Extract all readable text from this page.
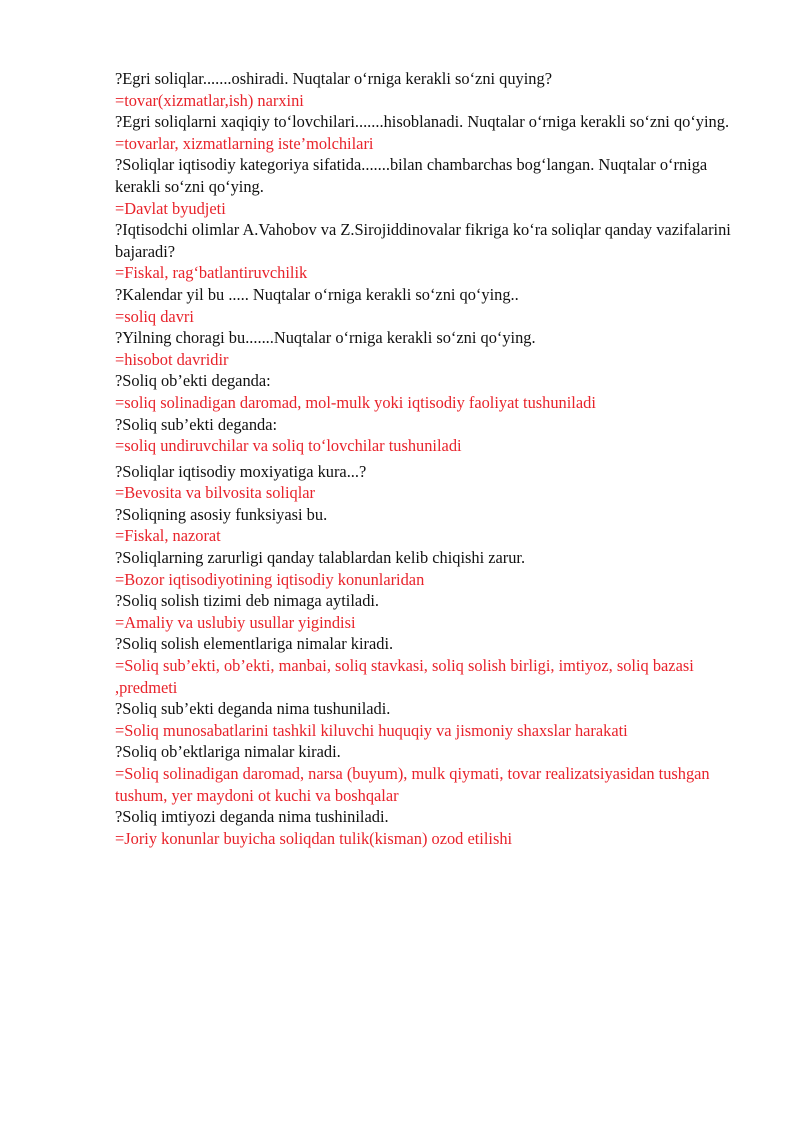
?Egri soliqlar.......oshiradi. Nuqtalar o‘rniga kerakli so‘zni quying?

=tovar(xizmatlar,ish) narxini

?Egri soliqlarni xaqiqiy to‘lovchilari.......hisoblanadi. Nuqtalar o‘rniga kerakli so‘zni qo‘ying.

=tovarlar, xizmatlarning iste’molchilari

?Soliqlar iqtisodiy kategoriya sifatida.......bilan chambarchas bog‘langan. Nuqtalar o‘rniga kerakli so‘zni qo‘ying.

=Davlat byudjeti

?Iqtisodchi olimlar A.Vahobov va Z.Sirojiddinovalar fikriga ko‘ra soliqlar qanday vazifalarini bajaradi?

=Fiskal, rag‘batlantiruvchilik

?Kalendar yil bu ..... Nuqtalar o‘rniga kerakli so‘zni qo‘ying..

=soliq davri

?Yilning choragi bu.......Nuqtalar o‘rniga kerakli so‘zni qo‘ying.

=hisobot davridir

?Soliq ob’ekti deganda:

=soliq solinadigan daromad, mol-mulk yoki iqtisodiy faoliyat tushuniladi

?Soliq sub’ekti deganda:

=soliq undiruvchilar va soliq to‘lovchilar tushuniladi

?Soliqlar iqtisodiy moxiyatiga kura...?

=Bevosita va bilvosita soliqlar

?Soliqning asosiy funksiyasi bu.

=Fiskal, nazorat

?Soliqlarning zarurligi qanday talablardan kelib chiqishi zarur.

=Bozor iqtisodiyotining iqtisodiy konunlaridan

?Soliq solish tizimi deb nimaga aytiladi.

=Amaliy va uslubiy usullar yigindisi

?Soliq solish elementlariga nimalar kiradi.

=Soliq sub’ekti, ob’ekti, manbai, soliq stavkasi, soliq solish birligi, imtiyoz, soliq bazasi ,predmeti

?Soliq sub’ekti deganda nima tushuniladi.

=Soliq munosabatlarini tashkil kiluvchi huquqiy va jismoniy shaxslar harakati

?Soliq ob’ektlariga nimalar kiradi.

=Soliq solinadigan daromad, narsa (buyum), mulk qiymati, tovar realizatsiyasidan tushgan tushum, yer maydoni ot kuchi va boshqalar

?Soliq imtiyozi deganda nima tushiniladi.

=Joriy konunlar buyicha soliqdan tulik(kisman) ozod etilishi
